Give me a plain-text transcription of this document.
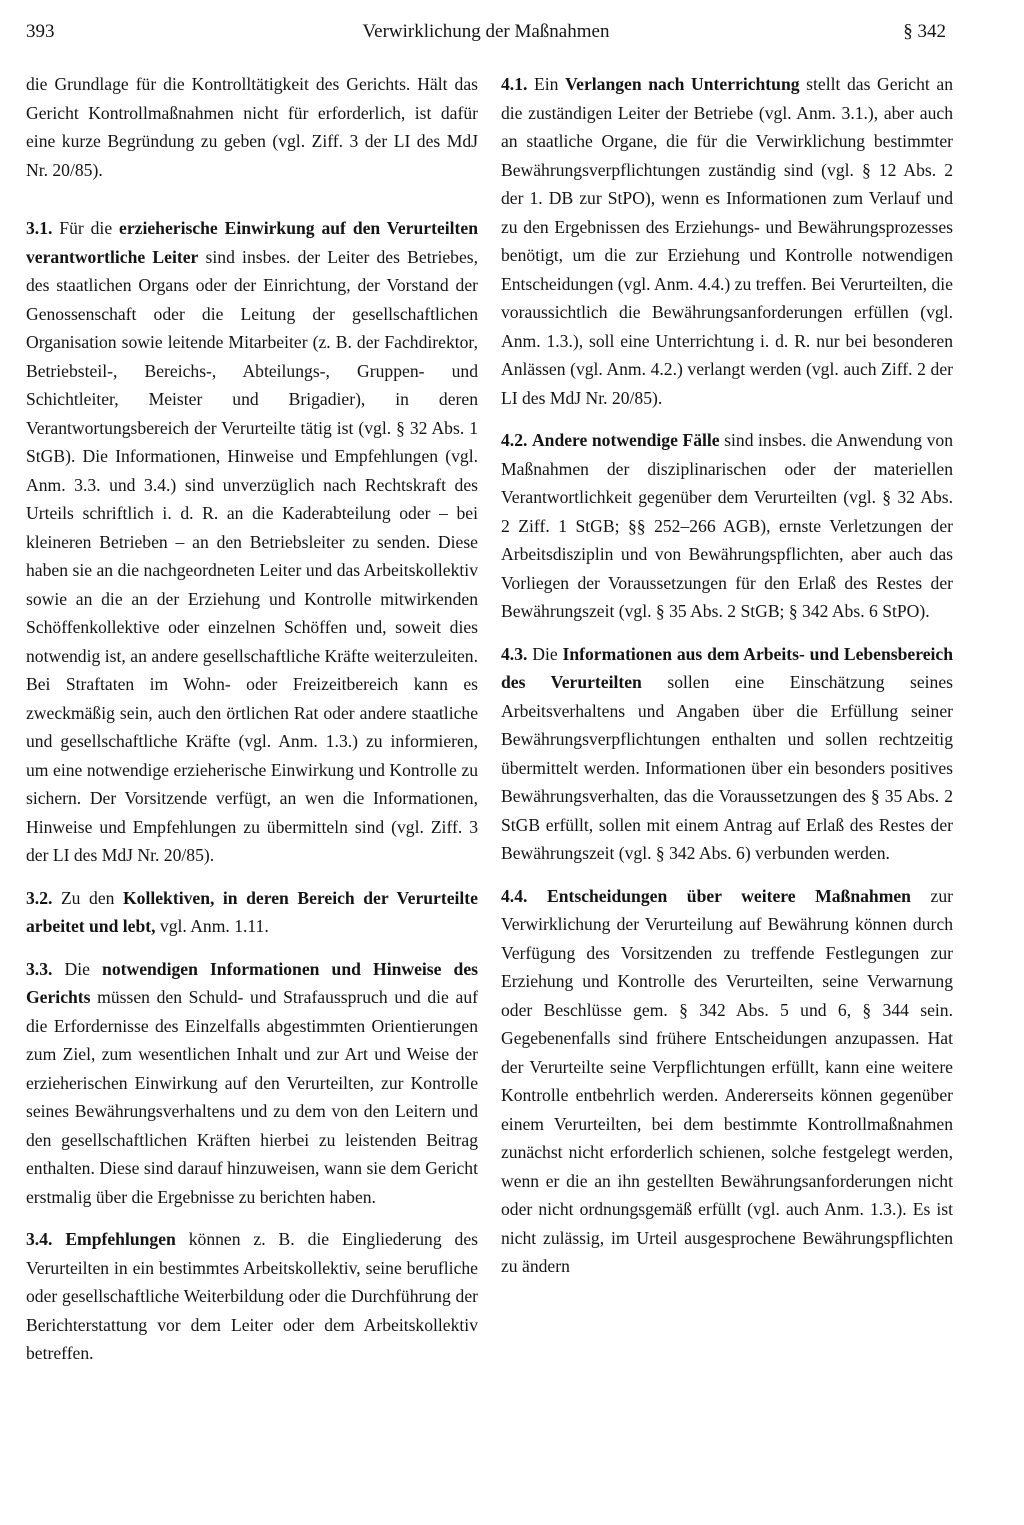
393	Verwirklichung der Maßnahmen	§ 342

die Grundlage für die Kontrolltätigkeit des Gerichts. Hält das Gericht Kontrollmaßnahmen nicht für erforderlich, ist dafür eine kurze Begründung zu geben (vgl. Ziff. 3 der LI des MdJ Nr. 20/85).

3.1. Für die erzieherische Einwirkung auf den Verurteilten verantwortliche Leiter sind insbes. der Leiter des Betriebes, des staatlichen Organs oder der Einrichtung, der Vorstand der Genossenschaft oder die Leitung der gesellschaftlichen Organisation sowie leitende Mitarbeiter (z. B. der Fachdirektor, Betriebsteil-, Bereichs-, Abteilungs-, Gruppen- und Schichtleiter, Meister und Brigadier), in deren Verantwortungsbereich der Verurteilte tätig ist (vgl. § 32 Abs. 1 StGB). Die Informationen, Hinweise und Empfehlungen (vgl. Anm. 3.3. und 3.4.) sind unverzüglich nach Rechtskraft des Urteils schriftlich i. d. R. an die Kaderabteilung oder – bei kleineren Betrieben – an den Betriebsleiter zu senden. Diese haben sie an die nachgeordneten Leiter und das Arbeitskollektiv sowie an die an der Erziehung und Kontrolle mitwirkenden Schöffenkollektive oder einzelnen Schöffen und, soweit dies notwendig ist, an andere gesellschaftliche Kräfte weiterzuleiten. Bei Straftaten im Wohn- oder Freizeitbereich kann es zweckmäßig sein, auch den örtlichen Rat oder andere staatliche und gesellschaftliche Kräfte (vgl. Anm. 1.3.) zu informieren, um eine notwendige erzieherische Einwirkung und Kontrolle zu sichern. Der Vorsitzende verfügt, an wen die Informationen, Hinweise und Empfehlungen zu übermitteln sind (vgl. Ziff. 3 der LI des MdJ Nr. 20/85).

3.2. Zu den Kollektiven, in deren Bereich der Verurteilte arbeitet und lebt, vgl. Anm. 1.11.

3.3. Die notwendigen Informationen und Hinweise des Gerichts müssen den Schuld- und Strafausspruch und die auf die Erfordernisse des Einzelfalls abgestimmten Orientierungen zum Ziel, zum wesentlichen Inhalt und zur Art und Weise der erzieherischen Einwirkung auf den Verurteilten, zur Kontrolle seines Bewährungsverhaltens und zu dem von den Leitern und den gesellschaftlichen Kräften hierbei zu leistenden Beitrag enthalten. Diese sind darauf hinzuweisen, wann sie dem Gericht erstmalig über die Ergebnisse zu berichten haben.

3.4. Empfehlungen können z. B. die Eingliederung des Verurteilten in ein bestimmtes Arbeitskollektiv, seine berufliche oder gesellschaftliche Weiterbildung oder die Durchführung der Berichterstattung vor dem Leiter oder dem Arbeitskollektiv betreffen.

4.1. Ein Verlangen nach Unterrichtung stellt das Gericht an die zuständigen Leiter der Betriebe (vgl. Anm. 3.1.), aber auch an staatliche Organe, die für die Verwirklichung bestimmter Bewährungsverpflichtungen zuständig sind (vgl. § 12 Abs. 2 der 1. DB zur StPO), wenn es Informationen zum Verlauf und zu den Ergebnissen des Erziehungs- und Bewährungsprozesses benötigt, um die zur Erziehung und Kontrolle notwendigen Entscheidungen (vgl. Anm. 4.4.) zu treffen. Bei Verurteilten, die voraussichtlich die Bewährungsanforderungen erfüllen (vgl. Anm. 1.3.), soll eine Unterrichtung i. d. R. nur bei besonderen Anlässen (vgl. Anm. 4.2.) verlangt werden (vgl. auch Ziff. 2 der LI des MdJ Nr. 20/85).

4.2. Andere notwendige Fälle sind insbes. die Anwendung von Maßnahmen der disziplinarischen oder der materiellen Verantwortlichkeit gegenüber dem Verurteilten (vgl. § 32 Abs. 2 Ziff. 1 StGB; §§ 252–266 AGB), ernste Verletzungen der Arbeitsdisziplin und von Bewährungspflichten, aber auch das Vorliegen der Voraussetzungen für den Erlaß des Restes der Bewährungszeit (vgl. § 35 Abs. 2 StGB; § 342 Abs. 6 StPO).

4.3. Die Informationen aus dem Arbeits- und Lebensbereich des Verurteilten sollen eine Einschätzung seines Arbeitsverhaltens und Angaben über die Erfüllung seiner Bewährungsverpflichtungen enthalten und sollen rechtzeitig übermittelt werden. Informationen über ein besonders positives Bewährungsverhalten, das die Voraussetzungen des § 35 Abs. 2 StGB erfüllt, sollen mit einem Antrag auf Erlaß des Restes der Bewährungszeit (vgl. § 342 Abs. 6) verbunden werden.

4.4. Entscheidungen über weitere Maßnahmen zur Verwirklichung der Verurteilung auf Bewährung können durch Verfügung des Vorsitzenden zu treffende Festlegungen zur Erziehung und Kontrolle des Verurteilten, seine Verwarnung oder Beschlüsse gem. § 342 Abs. 5 und 6, § 344 sein. Gegebenenfalls sind frühere Entscheidungen anzupassen. Hat der Verurteilte seine Verpflichtungen erfüllt, kann eine weitere Kontrolle entbehrlich werden. Andererseits können gegenüber einem Verurteilten, bei dem bestimmte Kontrollmaßnahmen zunächst nicht erforderlich schienen, solche festgelegt werden, wenn er die an ihn gestellten Bewährungsanforderungen nicht oder nicht ordnungsgemäß erfüllt (vgl. auch Anm. 1.3.). Es ist nicht zulässig, im Urteil ausgesprochene Bewährungspflichten zu ändern
